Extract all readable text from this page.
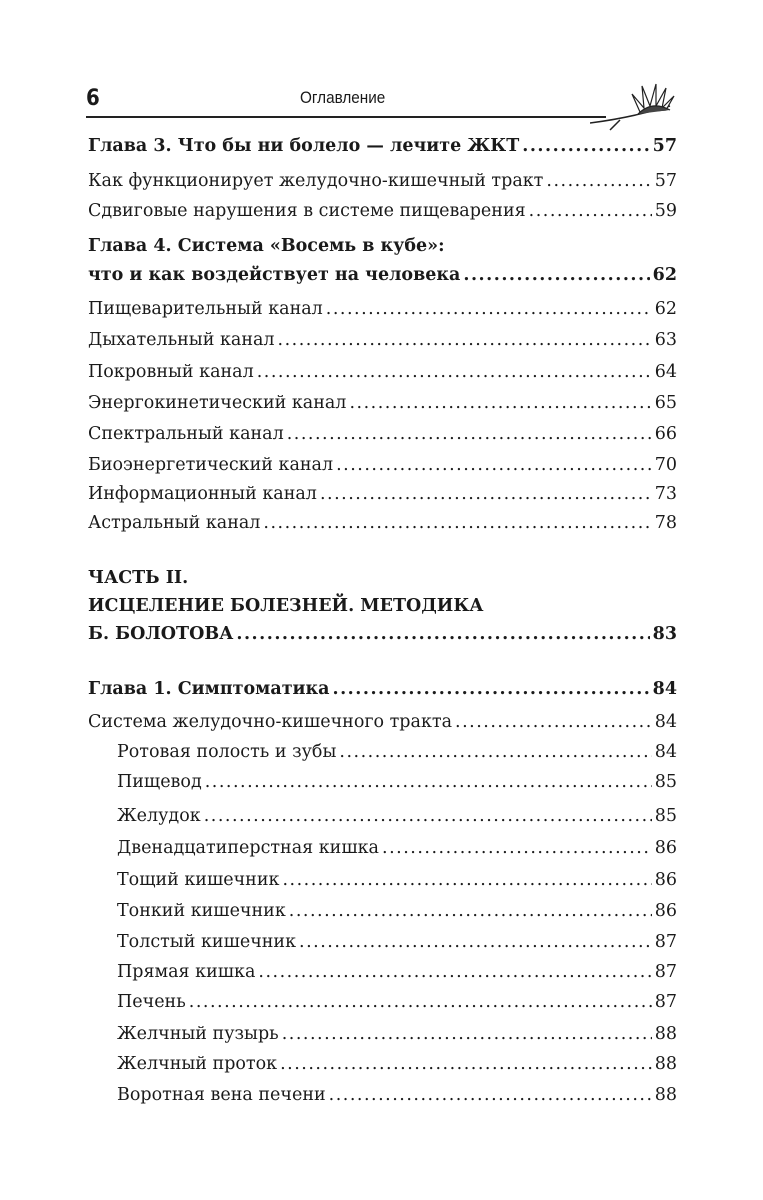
6	Оглавление
Глава 3. Что бы ни болело — лечите ЖКТ .....	57
Как функционирует желудочно-кишечный тракт .....	57
Сдвиговые нарушения в системе пищеварения .....	59
Глава 4. Система «Восемь в кубе»:
что и как воздействует на человека .....	62
Пищеварительный канал .....	62
Дыхательный канал .....	63
Покровный канал .....	64
Энергокинетический канал .....	65
Спектральный канал .....	66
Биоэнергетический канал .....	70
Информационный канал .....	73
Астральный канал .....	78
ЧАСТЬ II.
ИСЦЕЛЕНИЕ БОЛЕЗНЕЙ. МЕТОДИКА
Б. БОЛОТОВА .....	83
Глава 1. Симптоматика .....	84
Система желудочно-кишечного тракта .....	84
Ротовая полость и зубы .....	84
Пищевод .....	85
Желудок .....	85
Двенадцатиперстная кишка .....	86
Тощий кишечник .....	86
Тонкий кишечник .....	86
Толстый кишечник .....	87
Прямая кишка .....	87
Печень .....	87
Желчный пузырь .....	88
Желчный проток .....	88
Воротная вена печени .....	88
